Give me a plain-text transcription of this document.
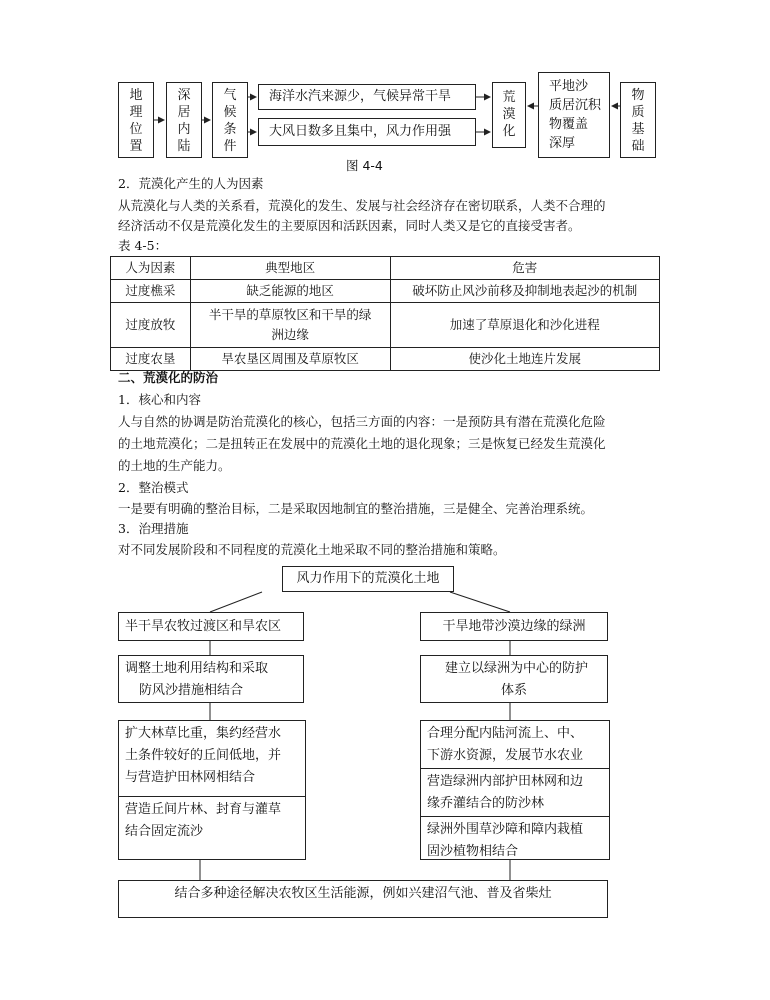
地
理
位
置
深
居
内
陆
气
候
条
件
海洋水汽来源少，气候异常干旱
大风日数多且集中，风力作用强
荒
漠
化
平地沙
质居沉积
物覆盖
深厚
物
质
基
础
图 4-4
2．荒漠化产生的人为因素
从荒漠化与人类的关系看，荒漠化的发生、发展与社会经济存在密切联系，人类不合理的
经济活动不仅是荒漠化发生的主要原因和活跃因素，同时人类又是它的直接受害者。
表 4-5：
人为因素	典型地区	危害
过度樵采	缺乏能源的地区	破坏防止风沙前移及抑制地表起沙的机制
过度放牧	半干旱的草原牧区和干旱的绿洲边缘	加速了草原退化和沙化进程
过度农垦	旱农垦区周围及草原牧区	使沙化土地连片发展
二、荒漠化的防治
1．核心和内容
人与自然的协调是防治荒漠化的核心，包括三方面的内容：一是预防具有潜在荒漠化危险
的土地荒漠化；二是扭转正在发展中的荒漠化土地的退化现象；三是恢复已经发生荒漠化
的土地的生产能力。
2．整治模式
一是要有明确的整治目标，二是采取因地制宜的整治措施，三是健全、完善治理系统。
3．治理措施
对不同发展阶段和不同程度的荒漠化土地采取不同的整治措施和策略。
风力作用下的荒漠化土地
半干旱农牧过渡区和旱农区	干旱地带沙漠边缘的绿洲
调整土地利用结构和采取
防风沙措施相结合
建立以绿洲为中心的防护
体系
扩大林草比重，集约经营水
土条件较好的丘间低地，并
与营造护田林网相结合
营造丘间片林、封育与灌草
结合固定流沙
合理分配内陆河流上、中、
下游水资源，发展节水农业
营造绿洲内部护田林网和边
缘乔灌结合的防沙林
绿洲外围草沙障和障内栽植
固沙植物相结合
结合多种途径解决农牧区生活能源，例如兴建沼气池、普及省柴灶
